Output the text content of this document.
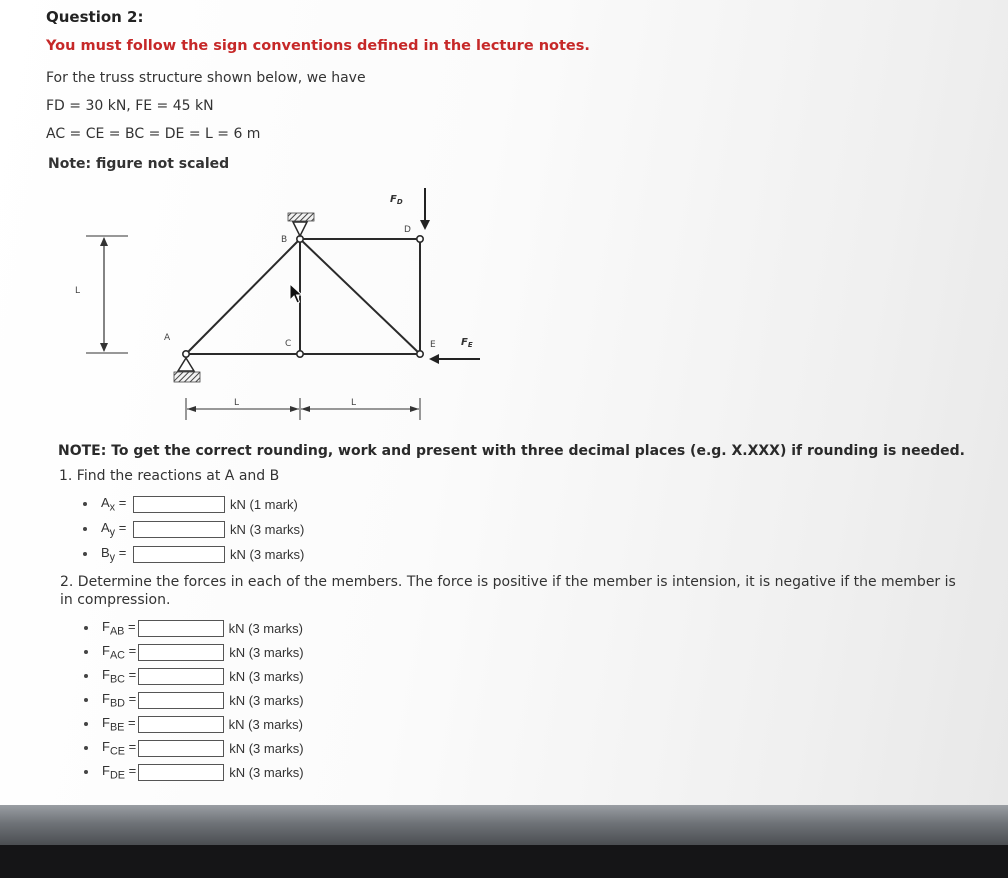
Question 2:
You must follow the sign conventions defined in the lecture notes.
For the truss structure shown below, we have
FD = 30 kN, FE = 45 kN
AC = CE = BC = DE = L = 6 m
Note: figure not scaled
L
A
B
C
D
E
$F_D$
$F_E$
L	L
NOTE: To get the correct rounding, work and present with three decimal places (e.g. X.XXX) if rounding is needed.
1. Find the reactions at A and B
$A_x$ =	kN (1 mark)
$A_y$ =	kN (3 marks)
$B_y$ =	kN (3 marks)
2. Determine the forces in each of the members. The force is positive if the member is intension, it is negative if the member is in compression.
$F_{AB}$ =	kN (3 marks)
$F_{AC}$ =	kN (3 marks)
$F_{BC}$ =	kN (3 marks)
$F_{BD}$ =	kN (3 marks)
$F_{BE}$ =	kN (3 marks)
$F_{CE}$ =	kN (3 marks)
$F_{DE}$ =	kN (3 marks)
